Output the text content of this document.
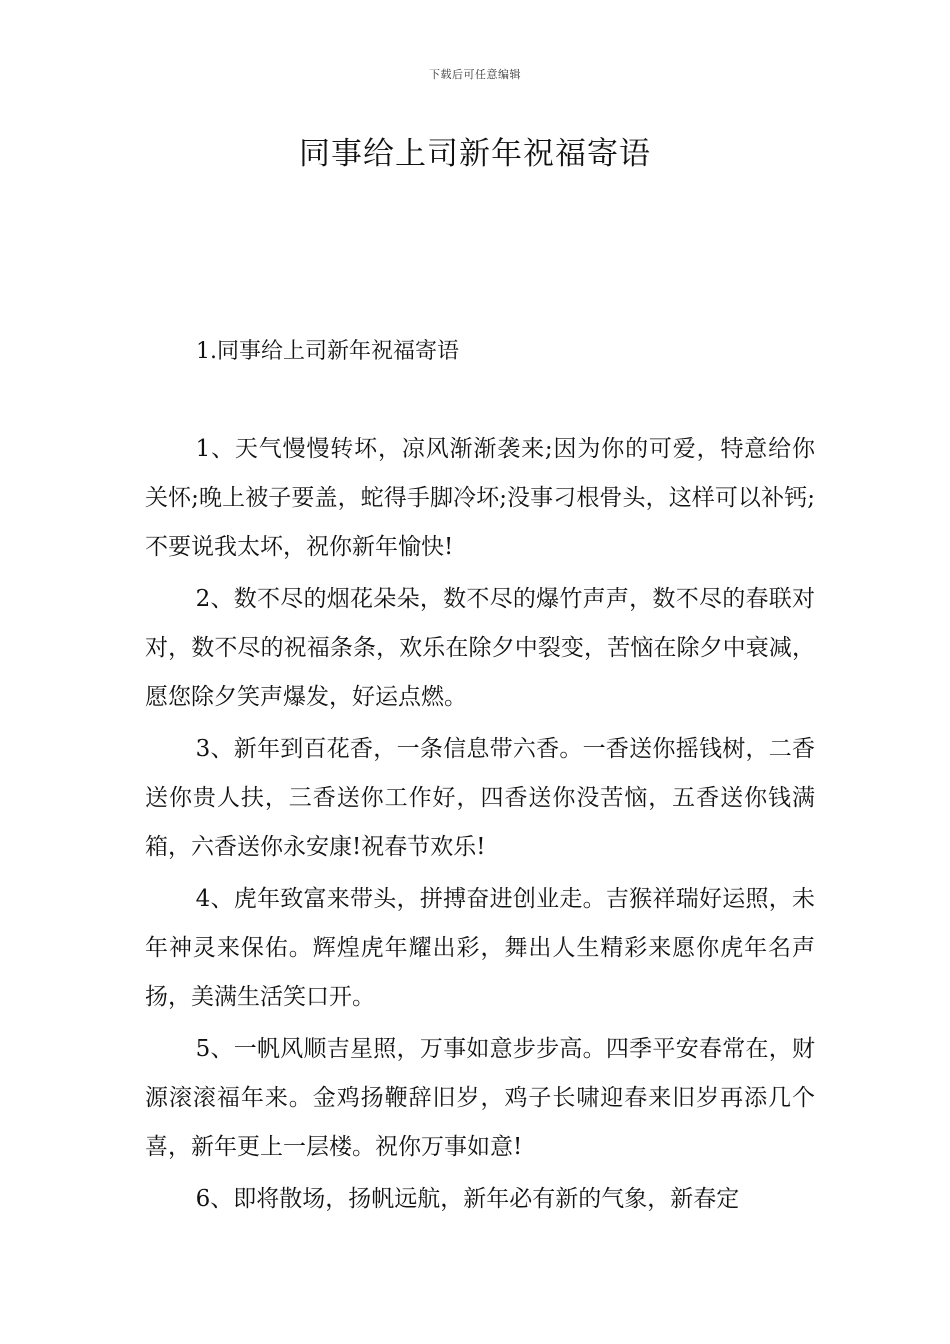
下载后可任意编辑
同事给上司新年祝福寄语
1.同事给上司新年祝福寄语

1、天气慢慢转坏，凉风渐渐袭来;因为你的可爱，特意给你关怀;晚上被子要盖，蛇得手脚冷坏;没事刁根骨头，这样可以补钙;不要说我太坏，祝你新年愉快!

2、数不尽的烟花朵朵，数不尽的爆竹声声，数不尽的春联对对，数不尽的祝福条条，欢乐在除夕中裂变，苦恼在除夕中衰减，愿您除夕笑声爆发，好运点燃。

3、新年到百花香，一条信息带六香。一香送你摇钱树，二香送你贵人扶，三香送你工作好，四香送你没苦恼，五香送你钱满箱，六香送你永安康!祝春节欢乐!

4、虎年致富来带头，拼搏奋进创业走。吉猴祥瑞好运照，未年神灵来保佑。辉煌虎年耀出彩，舞出人生精彩来愿你虎年名声扬，美满生活笑口开。

5、一帆风顺吉星照，万事如意步步高。四季平安春常在，财源滚滚福年来。金鸡扬鞭辞旧岁，鸡子长啸迎春来旧岁再添几个喜，新年更上一层楼。祝你万事如意!

6、即将散场，扬帆远航，新年必有新的气象，新春定
